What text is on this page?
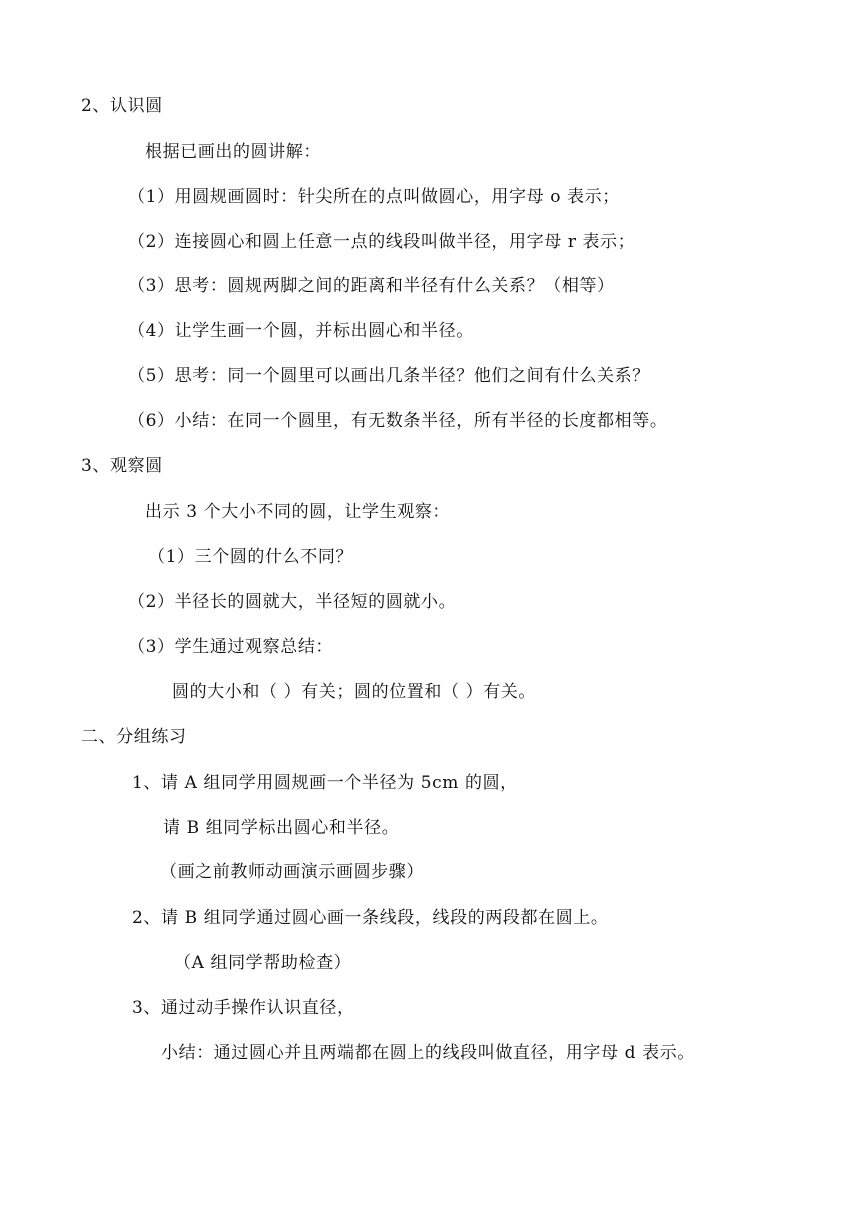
2、认识圆
根据已画出的圆讲解：
（1）用圆规画圆时：针尖所在的点叫做圆心，用字母 o 表示；
（2）连接圆心和圆上任意一点的线段叫做半径，用字母 r 表示；
（3）思考：圆规两脚之间的距离和半径有什么关系？（相等）
（4）让学生画一个圆，并标出圆心和半径。
（5）思考：同一个圆里可以画出几条半径？他们之间有什么关系？
（6）小结：在同一个圆里，有无数条半径，所有半径的长度都相等。
3、观察圆
出示 3 个大小不同的圆，让学生观察：
（1）三个圆的什么不同？
（2）半径长的圆就大，半径短的圆就小。
（3）学生通过观察总结：
圆的大小和（ ）有关；圆的位置和（ ）有关。
二、分组练习
1、请 A 组同学用圆规画一个半径为 5cm 的圆，
请 B 组同学标出圆心和半径。
（画之前教师动画演示画圆步骤）
2、请 B 组同学通过圆心画一条线段，线段的两段都在圆上。
（A 组同学帮助检查）
3、通过动手操作认识直径，
小结：通过圆心并且两端都在圆上的线段叫做直径，用字母 d 表示。
